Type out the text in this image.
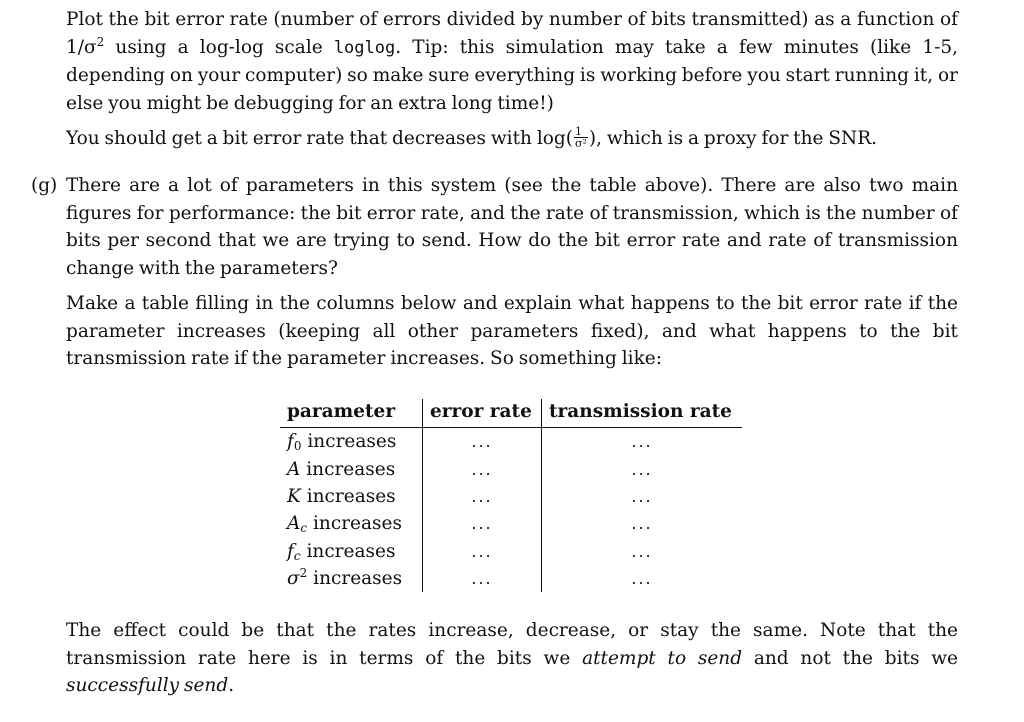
Plot the bit error rate (number of errors divided by number of bits transmitted) as a function of $1/\sigma^2$ using a log-log scale loglog. Tip: this simulation may take a few minutes (like 1-5, depending on your computer) so make sure everything is working before you start running it, or else you might be debugging for an extra long time!)

You should get a bit error rate that decreases with $\log( \frac{1}{\text{σ²}}$ ), which is a proxy for the SNR.

(g) There are a lot of parameters in this system (see the table above). There are also two main figures for performance: the bit error rate, and the rate of transmission, which is the number of bits per second that we are trying to send. How do the bit error rate and rate of transmission change with the parameters?

Make a table filling in the columns below and explain what happens to the bit error rate if the parameter increases (keeping all other parameters fixed), and what happens to the bit transmission rate if the parameter increases. So something like:

parameter	error rate	transmission rate
$f_0$ increases	...	...
A increases	...	...
K increases	...	...
$A_c$ increases	...	...
$f_c$ increases	...	...
$\sigma^2$ increases	...	...

The effect could be that the rates increase, decrease, or stay the same. Note that the transmission rate here is in terms of the bits we attempt to send and not the bits we successfully send.
